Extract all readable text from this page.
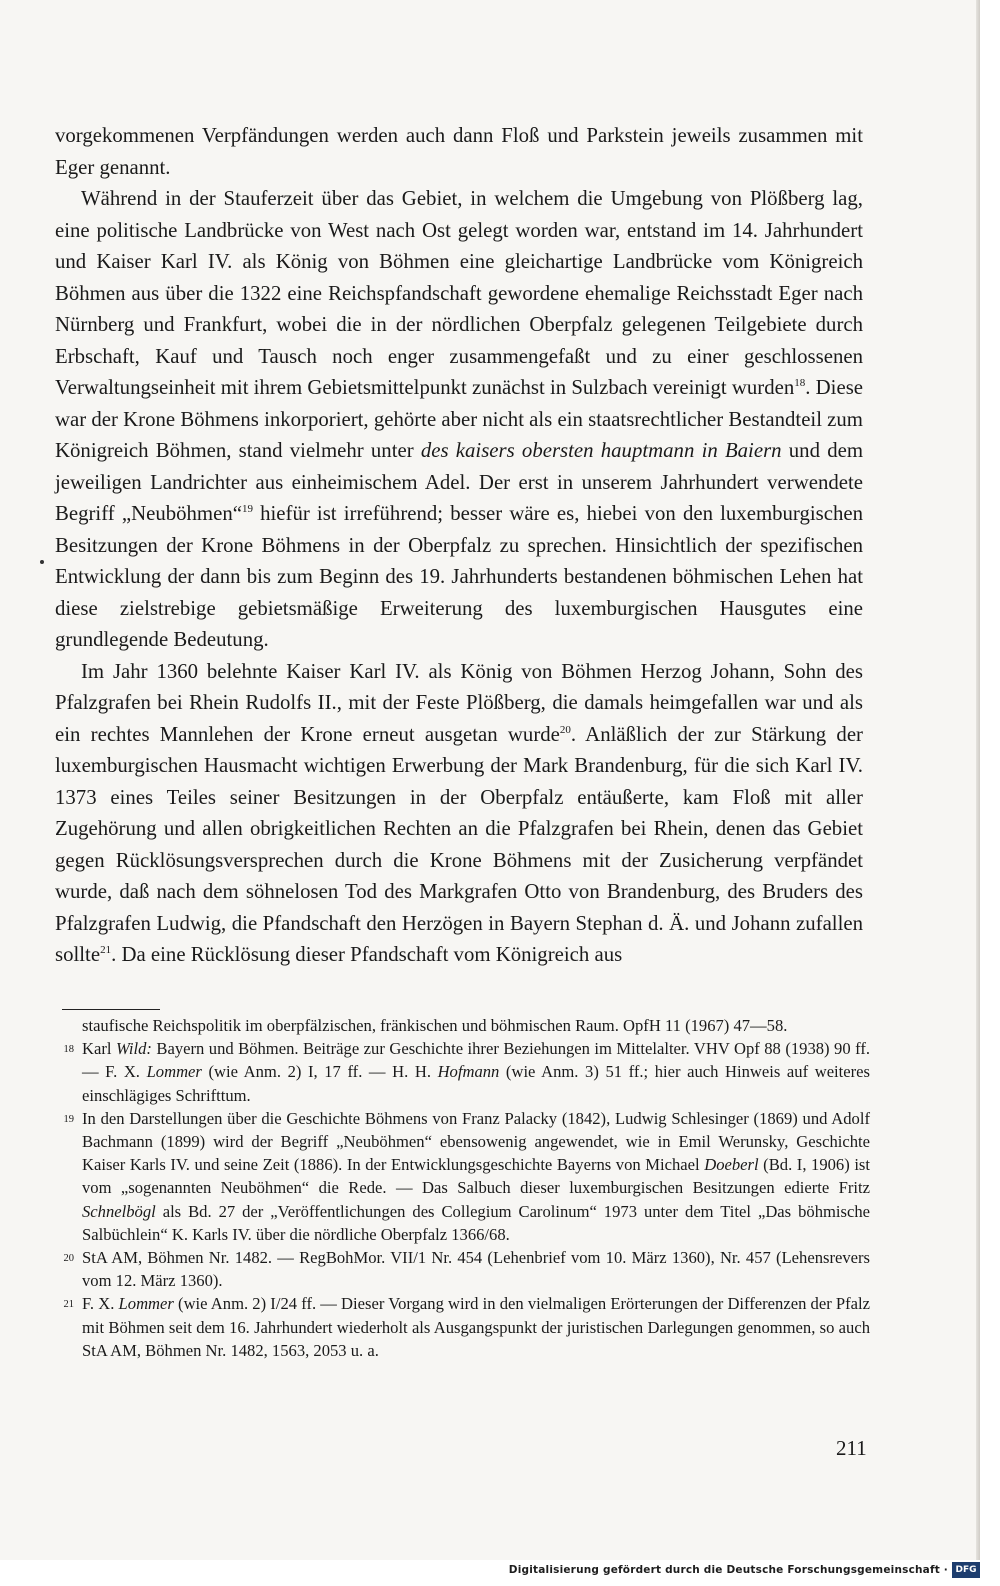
vorgekommenen Verpfändungen werden auch dann Floß und Parkstein jeweils zusammen mit Eger genannt.

Während in der Stauferzeit über das Gebiet, in welchem die Umgebung von Plößberg lag, eine politische Landbrücke von West nach Ost gelegt worden war, entstand im 14. Jahrhundert und Kaiser Karl IV. als König von Böhmen eine gleichartige Landbrücke vom Königreich Böhmen aus über die 1322 eine Reichspfandschaft gewordene ehemalige Reichsstadt Eger nach Nürnberg und Frankfurt, wobei die in der nördlichen Oberpfalz gelegenen Teilgebiete durch Erbschaft, Kauf und Tausch noch enger zusammengefaßt und zu einer geschlossenen Verwaltungseinheit mit ihrem Gebietsmittelpunkt zunächst in Sulzbach vereinigt wurden$^{18}$. Diese war der Krone Böhmens inkorporiert, gehörte aber nicht als ein staatsrechtlicher Bestandteil zum Königreich Böhmen, stand vielmehr unter des kaisers obersten hauptmann in Baiern und dem jeweiligen Landrichter aus einheimischem Adel. Der erst in unserem Jahrhundert verwendete Begriff „Neuböhmen“$^{19}$ hiefür ist irreführend; besser wäre es, hiebei von den luxemburgischen Besitzungen der Krone Böhmens in der Oberpfalz zu sprechen. Hinsichtlich der spezifischen Entwicklung der dann bis zum Beginn des 19. Jahrhunderts bestandenen böhmischen Lehen hat diese zielstrebige gebietsmäßige Erweiterung des luxemburgischen Hausgutes eine grundlegende Bedeutung.

Im Jahr 1360 belehnte Kaiser Karl IV. als König von Böhmen Herzog Johann, Sohn des Pfalzgrafen bei Rhein Rudolfs II., mit der Feste Plößberg, die damals heimgefallen war und als ein rechtes Mannlehen der Krone erneut ausgetan wurde$^{20}$. Anläßlich der zur Stärkung der luxemburgischen Hausmacht wichtigen Erwerbung der Mark Brandenburg, für die sich Karl IV. 1373 eines Teiles seiner Besitzungen in der Oberpfalz entäußerte, kam Floß mit aller Zugehörung und allen obrigkeitlichen Rechten an die Pfalzgrafen bei Rhein, denen das Gebiet gegen Rücklösungsversprechen durch die Krone Böhmens mit der Zusicherung verpfändet wurde, daß nach dem söhnelosen Tod des Markgrafen Otto von Brandenburg, des Bruders des Pfalzgrafen Ludwig, die Pfandschaft den Herzögen in Bayern Stephan d. Ä. und Johann zufallen sollte$^{21}$. Da eine Rücklösung dieser Pfandschaft vom Königreich aus

staufische Reichspolitik im oberpfälzischen, fränkischen und böhmischen Raum. OpfH 11 (1967) 47—58.
18 Karl Wild: Bayern und Böhmen. Beiträge zur Geschichte ihrer Beziehungen im Mittelalter. VHV Opf 88 (1938) 90 ff. — F. X. Lommer (wie Anm. 2) I, 17 ff. — H. H. Hofmann (wie Anm. 3) 51 ff.; hier auch Hinweis auf weiteres einschlägiges Schrifttum.
19 In den Darstellungen über die Geschichte Böhmens von Franz Palacky (1842), Ludwig Schlesinger (1869) und Adolf Bachmann (1899) wird der Begriff „Neuböhmen“ ebensowenig angewendet, wie in Emil Werunsky, Geschichte Kaiser Karls IV. und seine Zeit (1886). In der Entwicklungsgeschichte Bayerns von Michael Doeberl (Bd. I, 1906) ist vom „sogenannten Neuböhmen“ die Rede. — Das Salbuch dieser luxemburgischen Besitzungen edierte Fritz Schnelbögl als Bd. 27 der „Veröffentlichungen des Collegium Carolinum“ 1973 unter dem Titel „Das böhmische Salbüchlein“ K. Karls IV. über die nördliche Oberpfalz 1366/68.
20 StA AM, Böhmen Nr. 1482. — RegBohMor. VII/1 Nr. 454 (Lehenbrief vom 10. März 1360), Nr. 457 (Lehensrevers vom 12. März 1360).
21 F. X. Lommer (wie Anm. 2) I/24 ff. — Dieser Vorgang wird in den vielmaligen Erörterungen der Differenzen der Pfalz mit Böhmen seit dem 16. Jahrhundert wiederholt als Ausgangspunkt der juristischen Darlegungen genommen, so auch StA AM, Böhmen Nr. 1482, 1563, 2053 u. a.
211
Digitalisierung gefördert durch die Deutsche Forschungsgemeinschaft · DFG
